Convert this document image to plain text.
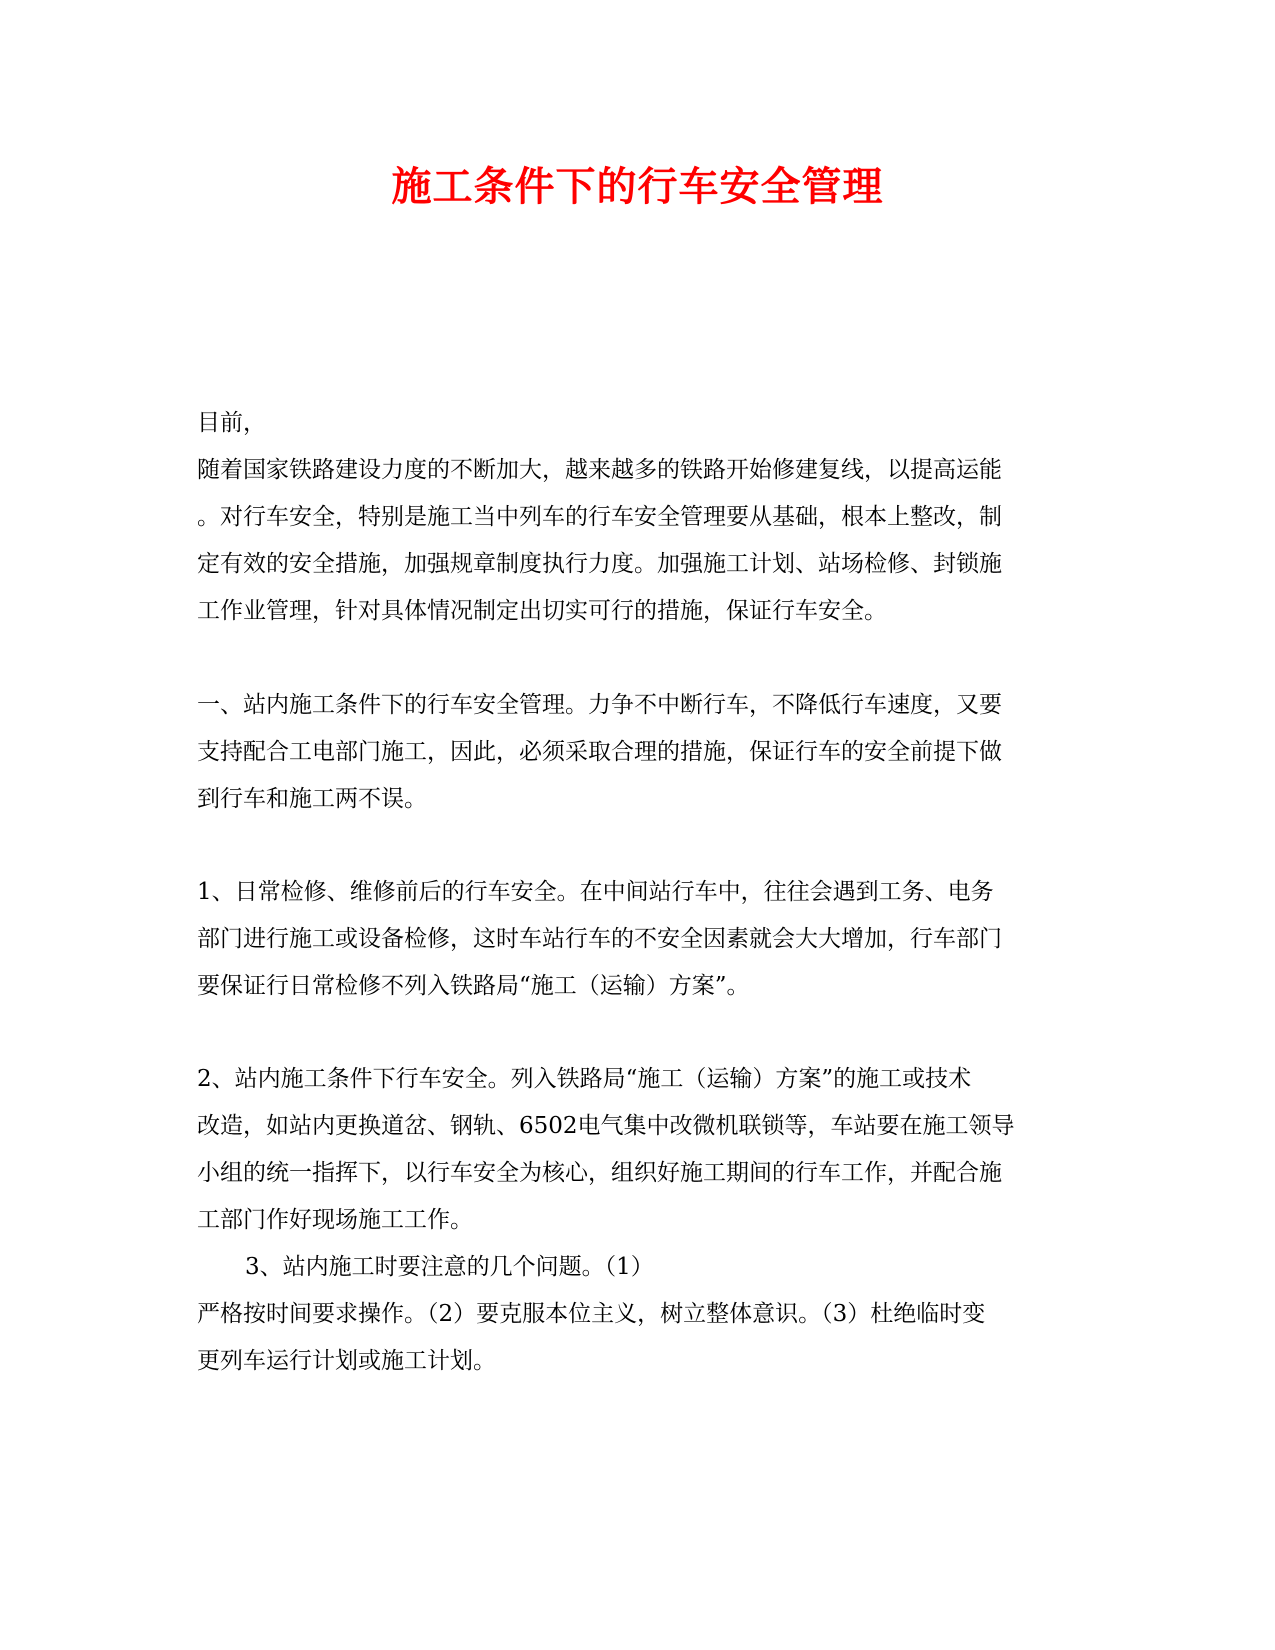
施工条件下的行车安全管理

目前，

随着国家铁路建设力度的不断加大，越来越多的铁路开始修建复线，以提高运能

。对行车安全，特别是施工当中列车的行车安全管理要从基础，根本上整改，制

定有效的安全措施，加强规章制度执行力度。加强施工计划、站场检修、封锁施

工作业管理，针对具体情况制定出切实可行的措施，保证行车安全。

一、站内施工条件下的行车安全管理。力争不中断行车，不降低行车速度，又要

支持配合工电部门施工，因此，必须采取合理的措施，保证行车的安全前提下做

到行车和施工两不误。

1、日常检修、维修前后的行车安全。在中间站行车中，往往会遇到工务、电务

部门进行施工或设备检修，这时车站行车的不安全因素就会大大增加，行车部门

要保证行日常检修不列入铁路局“施工（运输）方案”。

2、站内施工条件下行车安全。列入铁路局“施工（运输）方案”的施工或技术

改造，如站内更换道岔、钢轨、6502电气集中改微机联锁等，车站要在施工领导

小组的统一指挥下，以行车安全为核心，组织好施工期间的行车工作，并配合施

工部门作好现场施工工作。

3、站内施工时要注意的几个问题。（1）

严格按时间要求操作。（2）要克服本位主义，树立整体意识。（3）杜绝临时变

更列车运行计划或施工计划。
